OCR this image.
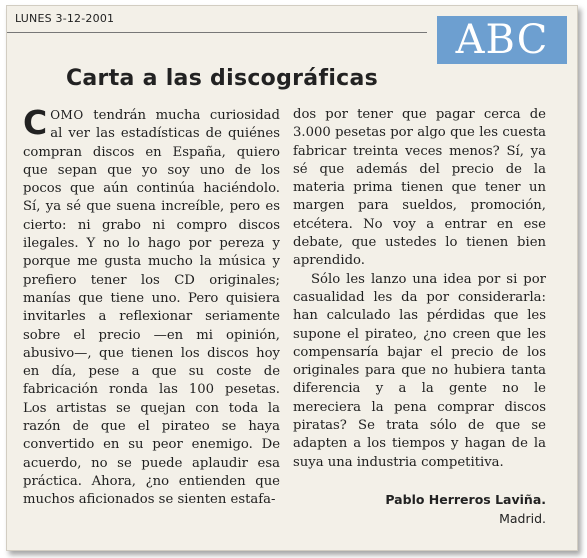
LUNES 3-12-2001	ABC
Carta a las discográficas

COMO tendrán mucha curiosidad al ver las estadísticas de quiénes compran discos en España, quiero que sepan que yo soy uno de los pocos que aún continúa haciéndolo. Sí, ya sé que suena increíble, pero es cierto: ni grabo ni compro discos ilegales. Y no lo hago por pereza y porque me gusta mucho la música y prefiero tener los CD originales; manías que tiene uno. Pero quisiera invitarles a reflexionar seriamente sobre el precio —en mi opinión, abusivo—, que tienen los discos hoy en día, pese a que su coste de fabricación ronda las 100 pesetas. Los artistas se quejan con toda la razón de que el pirateo se haya convertido en su peor enemigo. De acuerdo, no se puede aplaudir esa práctica. Ahora, ¿no entienden que muchos aficionados se sienten estafa-

dos por tener que pagar cerca de 3.000 pesetas por algo que les cuesta fabricar treinta veces menos? Sí, ya sé que además del precio de la materia prima tienen que tener un margen para sueldos, promoción, etcétera. No voy a entrar en ese debate, que ustedes lo tienen bien aprendido.

Sólo les lanzo una idea por si por casualidad les da por considerarla: han calculado las pérdidas que les supone el pirateo, ¿no creen que les compensaría bajar el precio de los originales para que no hubiera tanta diferencia y a la gente no le mereciera la pena comprar discos piratas? Se trata sólo de que se adapten a los tiempos y hagan de la suya una industria competitiva.

Pablo Herreros Laviña.
Madrid.
